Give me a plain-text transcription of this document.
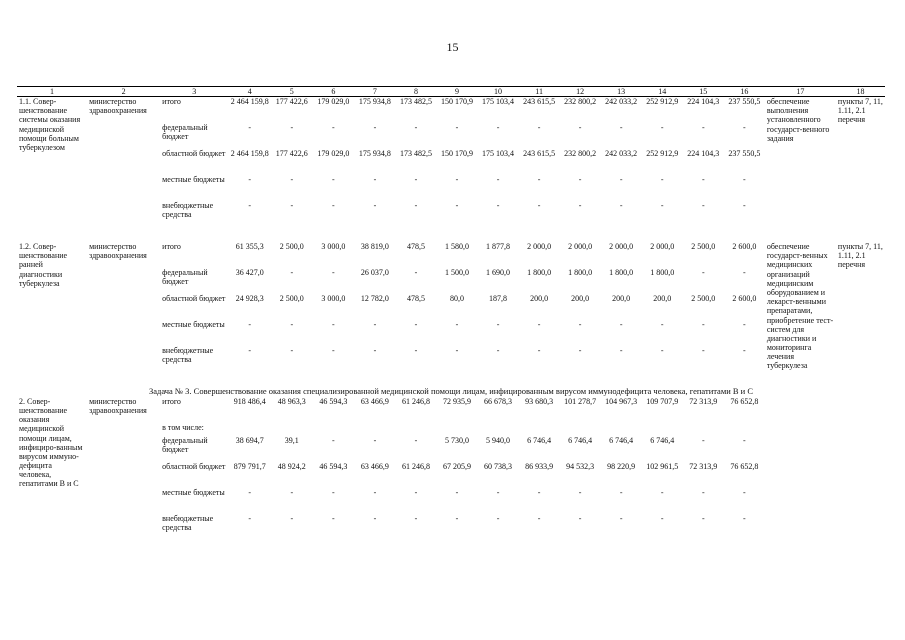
15
1	2	3	4	5	6	7	8	9	10	11	12	13	14	15	16	17	18
1.1. Совер-шенствование системы оказания медицинской помощи больным туберкулезом	министерство здравоохранения	итого	2 464 159,8	177 422,6	179 029,0	175 934,8	173 482,5	150 170,9	175 103,4	243 615,5	232 800,2	242 033,2	252 912,9	224 104,3	237 550,5	обеспечение выполнения установленного государст-венного задания	пункты 7, 11, 1.11, 2.1 перечня
		федеральный бюджет	-	-	-	-	-	-	-	-	-	-	-	-	-		
		областной бюджет	2 464 159,8	177 422,6	179 029,0	175 934,8	173 482,5	150 170,9	175 103,4	243 615,5	232 800,2	242 033,2	252 912,9	224 104,3	237 550,5		
		местные бюджеты	-	-	-	-	-	-	-	-	-	-	-	-	-		
		внебюджетные средства	-	-	-	-	-	-	-	-	-	-	-	-	-		

1.2. Совер-шенствование ранней диагностики туберкулеза	министерство здравоохранения	итого	61 355,3	2 500,0	3 000,0	38 819,0	478,5	1 580,0	1 877,8	2 000,0	2 000,0	2 000,0	2 000,0	2 500,0	2 600,0	обеспечение государст-венных медицинских организаций медицинским оборудованием и лекарст-венными препаратами, приобретение тест-систем для диагностики и мониторинга лечения туберкулеза	пункты 7, 11, 1.11, 2.1 перечня
		федеральный бюджет	36 427,0	-	-	26 037,0	-	1 500,0	1 690,0	1 800,0	1 800,0	1 800,0	1 800,0	-	-		
		областной бюджет	24 928,3	2 500,0	3 000,0	12 782,0	478,5	80,0	187,8	200,0	200,0	200,0	200,0	2 500,0	2 600,0		
		местные бюджеты	-	-	-	-	-	-	-	-	-	-	-	-	-		
		внебюджетные средства	-	-	-	-	-	-	-	-	-	-	-	-	-		

Задача № 3. Совершенствование оказания специализированной медицинской помощи лицам, инфицированным вирусом иммунодефицита человека, гепатитами В и С																	
2. Совер-шенствование оказания медицинской помощи лицам, инфициро-ванным вирусом иммуно-дефицита человека, гепатитами В и С	министерство здравоохранения	итого	918 486,4	48 963,3	46 594,3	63 466,9	61 246,8	72 935,9	66 678,3	93 680,3	101 278,7	104 967,3	109 707,9	72 313,9	76 652,8		
		в том числе:															
		федеральный бюджет	38 694,7	39,1	-	-	-	5 730,0	5 940,0	6 746,4	6 746,4	6 746,4	6 746,4	-	-		
		областной бюджет	879 791,7	48 924,2	46 594,3	63 466,9	61 246,8	67 205,9	60 738,3	86 933,9	94 532,3	98 220,9	102 961,5	72 313,9	76 652,8		
		местные бюджеты	-	-	-	-	-	-	-	-	-	-	-	-	-		
		внебюджетные средства	-	-	-	-	-	-	-	-	-	-	-	-	-		
